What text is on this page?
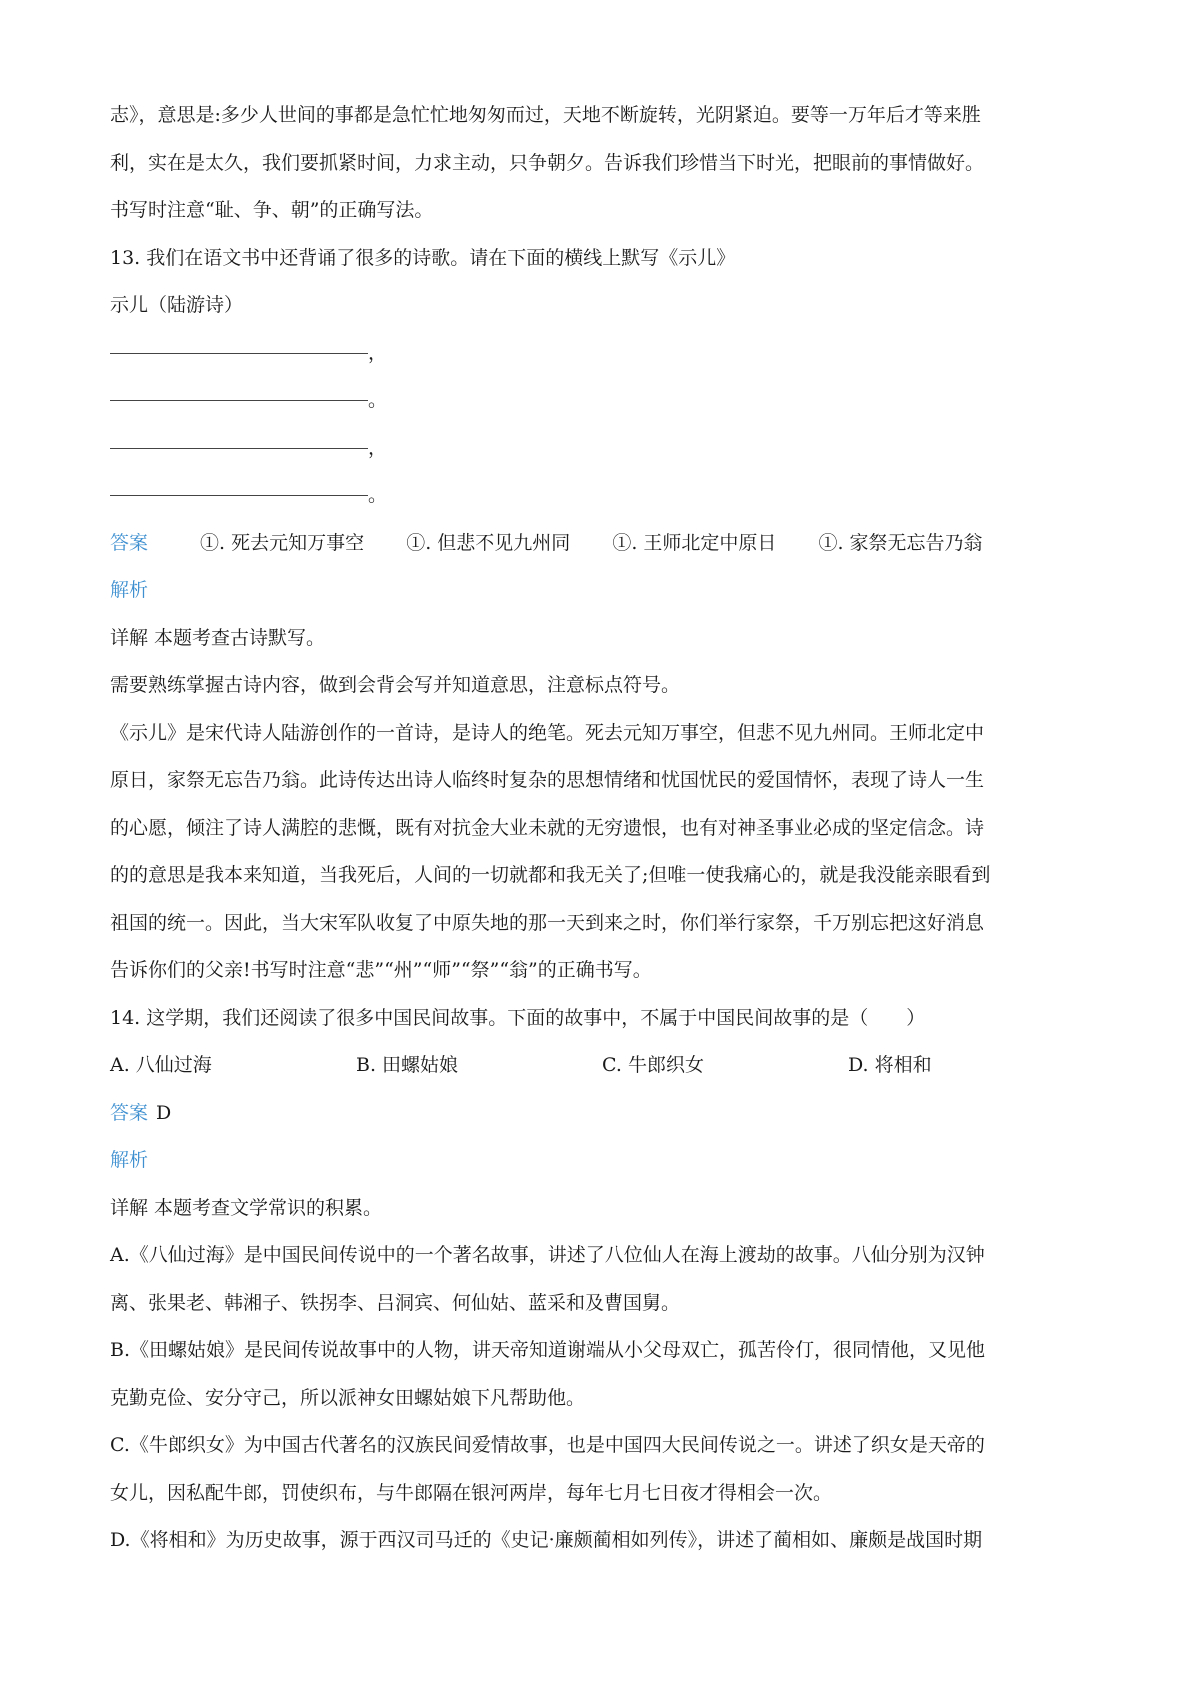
志》，意思是:多少人世间的事都是急忙忙地匆匆而过，天地不断旋转，光阴紧迫。要等一万年后才等来胜
利，实在是太久，我们要抓紧时间，力求主动，只争朝夕。告诉我们珍惜当下时光，把眼前的事情做好。
书写时注意“耻、争、朝”的正确写法。
13. 我们在语文书中还背诵了很多的诗歌。请在下面的横线上默写《示儿》
示儿（陆游诗）
，
。
，
。
答案	①. 死去元知万事空 ①. 但悲不见九州同 ①. 王师北定中原日 ①. 家祭无忘告乃翁
解析
详解 本题考查古诗默写。
需要熟练掌握古诗内容，做到会背会写并知道意思，注意标点符号。
《示儿》是宋代诗人陆游创作的一首诗，是诗人的绝笔。死去元知万事空，但悲不见九州同。王师北定中
原日，家祭无忘告乃翁。此诗传达出诗人临终时复杂的思想情绪和忧国忧民的爱国情怀，表现了诗人一生
的心愿，倾注了诗人满腔的悲慨，既有对抗金大业未就的无穷遗恨，也有对神圣事业必成的坚定信念。诗
的的意思是我本来知道，当我死后，人间的一切就都和我无关了;但唯一使我痛心的，就是我没能亲眼看到
祖国的统一。因此，当大宋军队收复了中原失地的那一天到来之时，你们举行家祭，千万别忘把这好消息
告诉你们的父亲!书写时注意“悲”“州”“师”“祭”“翁”的正确书写。
14. 这学期，我们还阅读了很多中国民间故事。下面的故事中，不属于中国民间故事的是（　　）
A. 八仙过海	B. 田螺姑娘	C. 牛郎织女	D. 将相和
答案 D
解析
详解 本题考查文学常识的积累。
A.《八仙过海》是中国民间传说中的一个著名故事，讲述了八位仙人在海上渡劫的故事。八仙分别为汉钟
离、张果老、韩湘子、铁拐李、吕洞宾、何仙姑、蓝采和及曹国舅。
B.《田螺姑娘》是民间传说故事中的人物，讲天帝知道谢端从小父母双亡，孤苦伶仃，很同情他，又见他
克勤克俭、安分守己，所以派神女田螺姑娘下凡帮助他。
C.《牛郎织女》为中国古代著名的汉族民间爱情故事，也是中国四大民间传说之一。讲述了织女是天帝的
女儿，因私配牛郎，罚使织布，与牛郎隔在银河两岸，每年七月七日夜才得相会一次。
D.《将相和》为历史故事，源于西汉司马迁的《史记·廉颇蔺相如列传》，讲述了蔺相如、廉颇是战国时期
